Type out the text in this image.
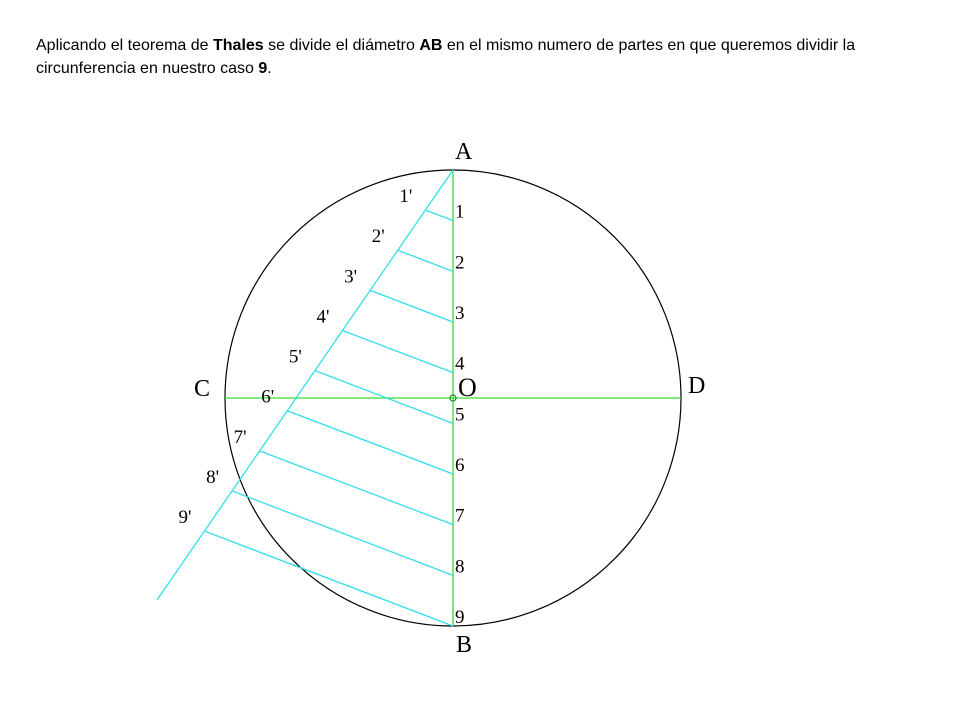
Aplicando el teorema de Thales se divide el diámetro AB en el mismo numero de partes en que queremos dividir la circunferencia en nuestro caso 9.
A
B
C	D
O
1
2
3
4
5
6
7
8
9
1'
2'
3'
4'
5'
6'
7'
8'
9'
